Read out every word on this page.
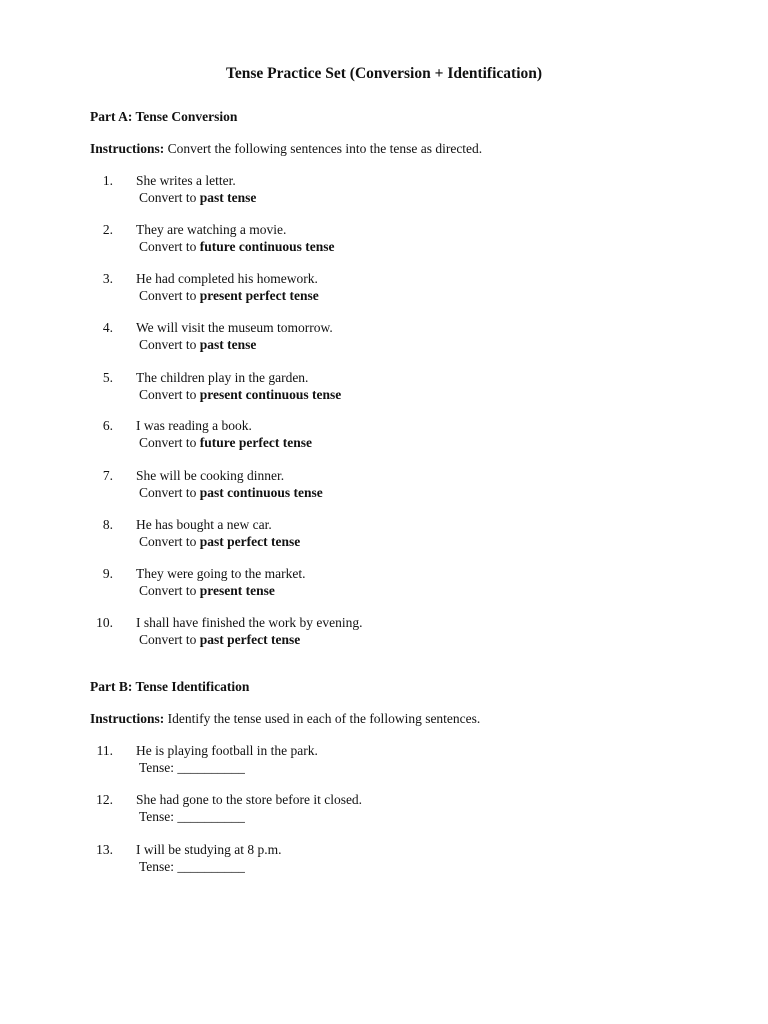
Tense Practice Set (Conversion + Identification)
Part A: Tense Conversion
Instructions: Convert the following sentences into the tense as directed.
1. She writes a letter.
Convert to past tense
2. They are watching a movie.
Convert to future continuous tense
3. He had completed his homework.
Convert to present perfect tense
4. We will visit the museum tomorrow.
Convert to past tense
5. The children play in the garden.
Convert to present continuous tense
6. I was reading a book.
Convert to future perfect tense
7. She will be cooking dinner.
Convert to past continuous tense
8. He has bought a new car.
Convert to past perfect tense
9. They were going to the market.
Convert to present tense
10. I shall have finished the work by evening.
Convert to past perfect tense
Part B: Tense Identification
Instructions: Identify the tense used in each of the following sentences.
11. He is playing football in the park.
Tense: __________
12. She had gone to the store before it closed.
Tense: __________
13. I will be studying at 8 p.m.
Tense: __________
